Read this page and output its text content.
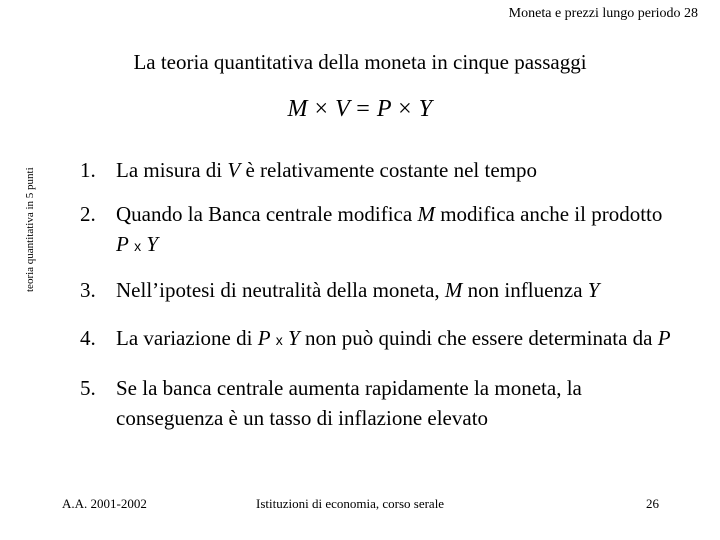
Moneta e prezzi lungo periodo 28
La teoria quantitativa della moneta in cinque passaggi
M × V = P × Y
teoria quantitativa in 5 punti 1. La misura di V è relativamente costante nel tempo
2. Quando la Banca centrale modifica M modifica anche il prodotto P x Y
3. Nell’ipotesi di neutralità della moneta, M non influenza Y
4. La variazione di P x Y non può quindi che essere determinata da P
5. Se la banca centrale aumenta rapidamente la moneta, la conseguenza è un tasso di inflazione elevato
A.A. 2001-2002	Istituzioni di economia, corso serale	26
